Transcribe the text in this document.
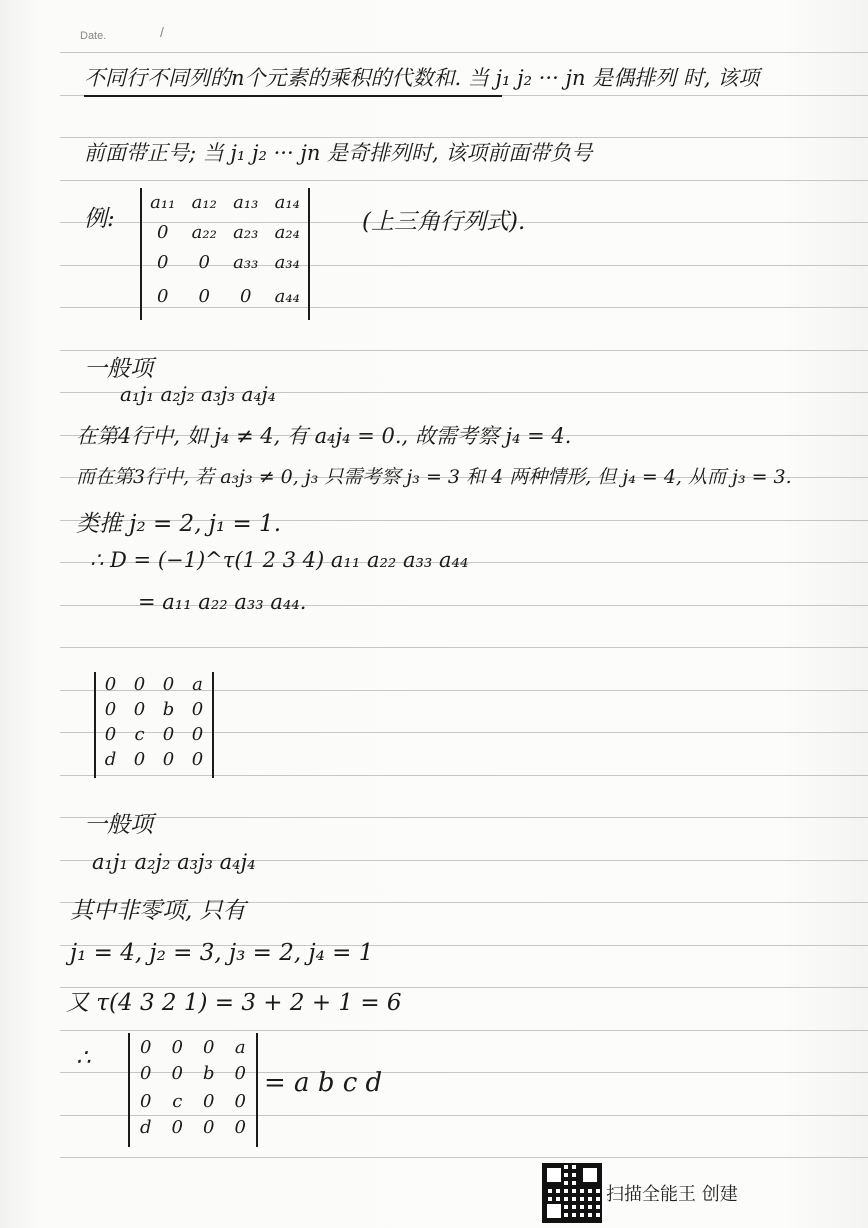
Date.	/
不同行不同列的n个元素的乘积的代数和. 当 j₁ j₂ ··· jn 是偶排列 时, 该项
前面带正号; 当 j₁ j₂ ··· jn 是奇排列时, 该项前面带负号
例:
a₁₁ a₁₂ a₁₃ a₁₄
0	a₂₂ a₂₃ a₂₄
0	0	a₃₃ a₃₄
0	0	0	a₄₄
(上三角行列式).
一般项
a₁j₁ a₂j₂ a₃j₃ a₄j₄
在第4行中, 如 j₄ ≠ 4, 有 a₄j₄ = 0., 故需考察 j₄ = 4.
而在第3行中, 若 a₃j₃ ≠ 0, j₃ 只需考察 j₃ = 3 和 4 两种情形, 但 j₄ = 4, 从而 j₃ = 3.
类推 j₂ = 2, j₁ = 1.
∴ D = (−1)^τ(1 2 3 4) a₁₁ a₂₂ a₃₃ a₄₄
= a₁₁ a₂₂ a₃₃ a₄₄.
0 0 0 a
0 0 b 0
0	c	0 0
d 0 0 0
一般项
a₁j₁ a₂j₂ a₃j₃ a₄j₄
其中非零项, 只有
j₁ = 4, j₂ = 3, j₃ = 2, j₄ = 1
又 τ(4 3 2 1) = 3 + 2 + 1 = 6
∴	0	0	0	a
0	0	b	0
0	c	0	0
d	0	0	0
= a b c d
扫描全能王 创建
